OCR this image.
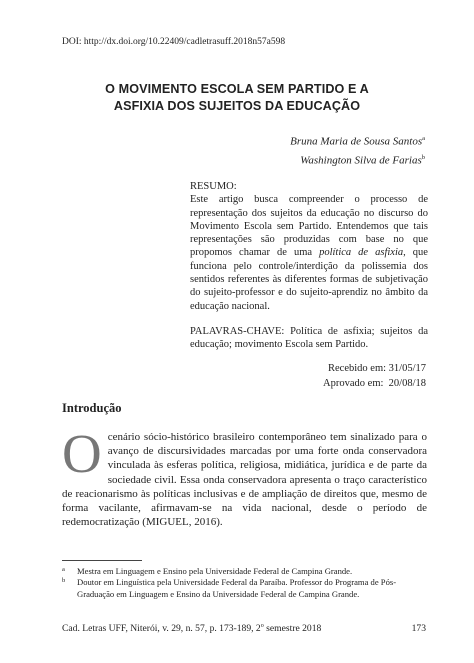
DOI: http://dx.doi.org/10.22409/cadletrasuff.2018n57a598
O MOVIMENTO ESCOLA SEM PARTIDO E A
ASFIXIA DOS SUJEITOS DA EDUCAÇÃO
Bruna Maria de Sousa Santos$^a$
Washington Silva de Farias$^b$

RESUMO:

Este artigo busca compreender o processo de representação dos sujeitos da educação no discurso do Movimento Escola sem Partido. Entendemos que tais representações são produzidas com base no que propomos chamar de uma política de asfixia, que funciona pelo controle/interdição da polissemia dos sentidos referentes às diferentes formas de subjetivação do sujeito-professor e do sujeito-aprendiz no âmbito da educação nacional.

PALAVRAS-CHAVE: Política de asfixia; sujeitos da educação; movimento Escola sem Partido.

Recebido em: 31/05/17
Aprovado em:  20/08/18
Introdução
O cenário sócio-histórico brasileiro contemporâneo tem sinalizado para o avanço de discursividades marcadas por uma forte onda conservadora vinculada às esferas política, religiosa, midiática, jurídica e de parte da sociedade civil. Essa onda conservadora apresenta o traço característico de reacionarismo às políticas inclusivas e de ampliação de direitos que, mesmo de forma vacilante, afirmavam-se na vida nacional, desde o período de redemocratização (MIGUEL, 2016).

a Mestra em Linguagem e Ensino pela Universidade Federal de Campina Grande.

b Doutor em Linguística pela Universidade Federal da Paraíba. Professor do Programa de Pós-Graduação em Linguagem e Ensino da Universidade Federal de Campina Grande.

Cad. Letras UFF, Niterói, v. 29, n. 57, p. 173-189, 2$^o$ semestre 2018	173
